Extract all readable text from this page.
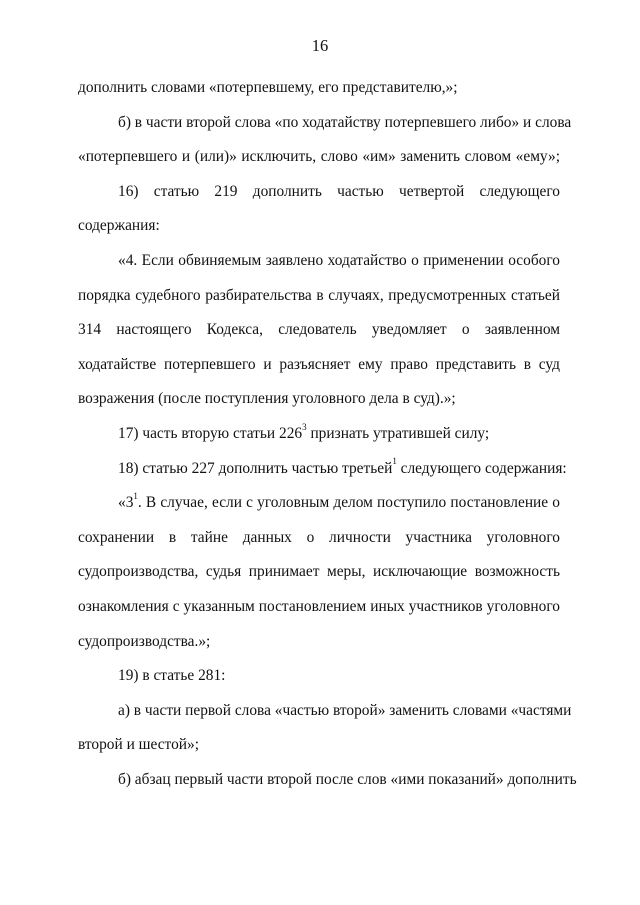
16
дополнить словами «потерпевшему, его представителю,»;
б) в части второй слова «по ходатайству потерпевшего либо» и слова
«потерпевшего и (или)» исключить, слово «им» заменить словом «ему»;
16) статью 219 дополнить частью четвертой следующего
содержания:
«4. Если обвиняемым заявлено ходатайство о применении особого
порядка судебного разбирательства в случаях, предусмотренных статьей
314 настоящего Кодекса, следователь уведомляет о заявленном
ходатайстве потерпевшего и разъясняет ему право представить в суд
возражения (после поступления уголовного дела в суд).»;
17) часть вторую статьи $226^3$ признать утратившей силу;
18) статью 227 дополнить частью третьей$^1$ следующего содержания:
«$3^1$. В случае, если с уголовным делом поступило постановление о
сохранении в тайне данных о личности участника уголовного
судопроизводства, судья принимает меры, исключающие возможность
ознакомления с указанным постановлением иных участников уголовного
судопроизводства.»;
19) в статье 281:
а) в части первой слова «частью второй» заменить словами «частями
второй и шестой»;
б) абзац первый части второй после слов «ими показаний» дополнить
